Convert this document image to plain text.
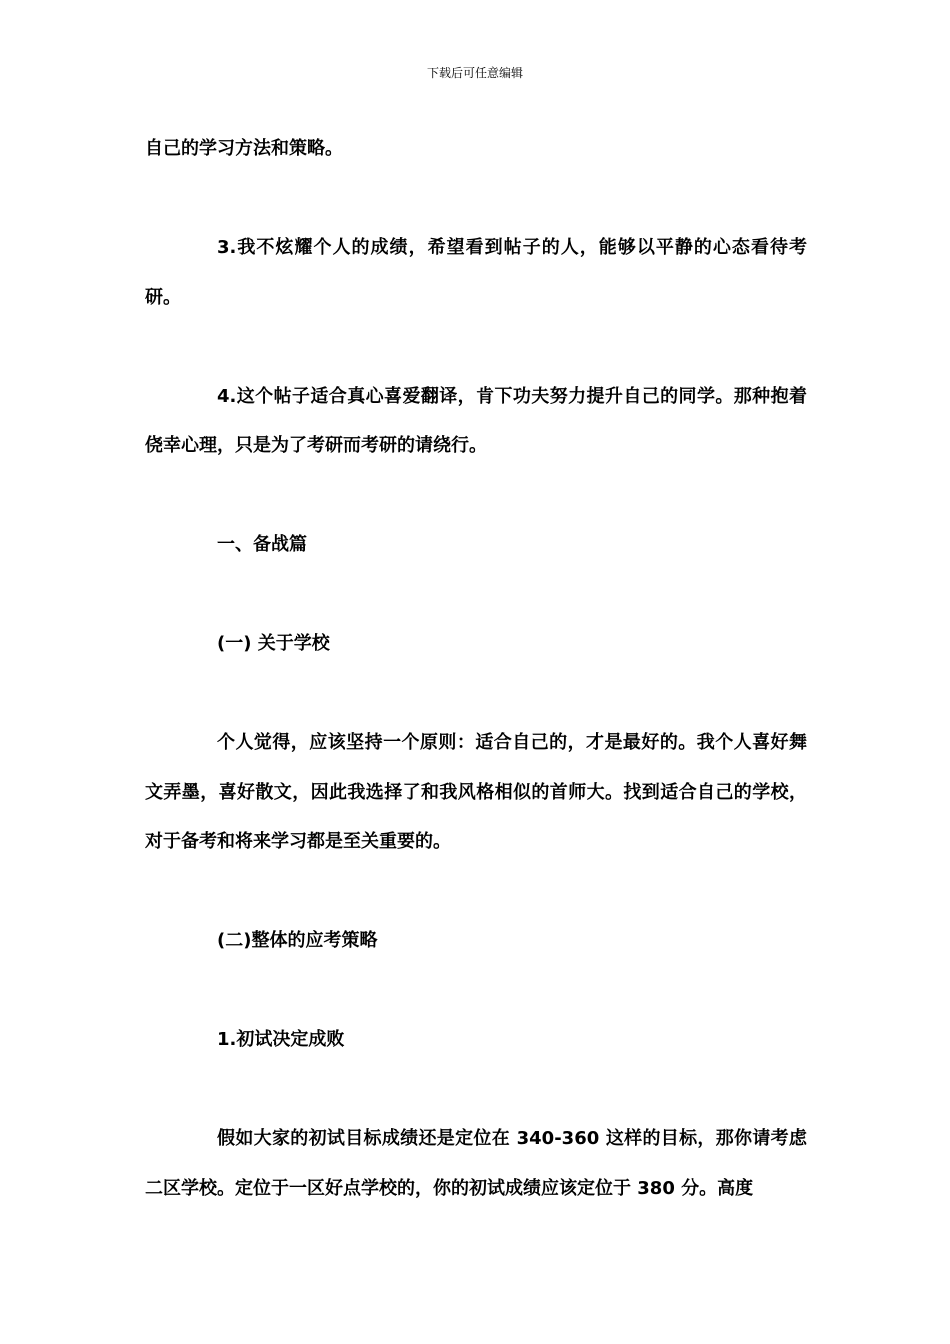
下载后可任意编辑

自己的学习方法和策略。

3.我不炫耀个人的成绩，希望看到帖子的人，能够以平静的心态看待考研。

4.这个帖子适合真心喜爱翻译，肯下功夫努力提升自己的同学。那种抱着侥幸心理，只是为了考研而考研的请绕行。

一、备战篇

(一) 关于学校

个人觉得，应该坚持一个原则：适合自己的，才是最好的。我个人喜好舞文弄墨，喜好散文，因此我选择了和我风格相似的首师大。找到适合自己的学校，对于备考和将来学习都是至关重要的。

(二)整体的应考策略

1.初试决定成败

假如大家的初试目标成绩还是定位在 340-360 这样的目标，那你请考虑二区学校。定位于一区好点学校的，你的初试成绩应该定位于 380 分。高度
